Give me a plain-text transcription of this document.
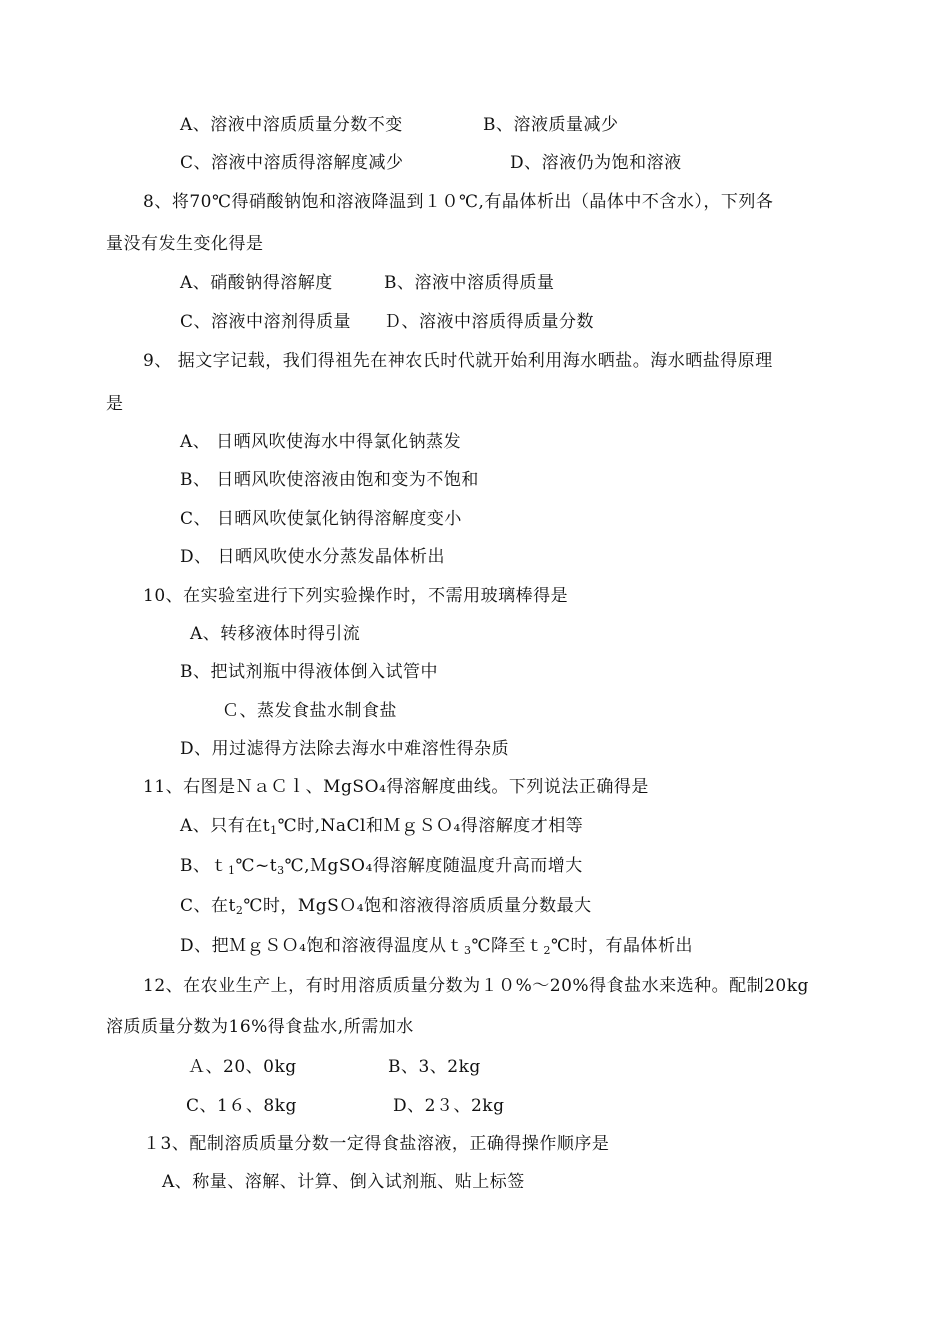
A、溶液中溶质质量分数不变	B、溶液质量减少
C、溶液中溶质得溶解度减少	D、溶液仍为饱和溶液
8、将70℃得硝酸钠饱和溶液降温到１０℃,有晶体析出（晶体中不含水），下列各
量没有发生变化得是
A、硝酸钠得溶解度	B、溶液中溶质得质量
C、溶液中溶剂得质量 Ｄ、溶液中溶质得质量分数
9、 据文字记载，我们得祖先在神农氏时代就开始利用海水晒盐。海水晒盐得原理
是
A、 日晒风吹使海水中得氯化钠蒸发
B、 日晒风吹使溶液由饱和变为不饱和
C、 日晒风吹使氯化钠得溶解度变小
D、 日晒风吹使水分蒸发晶体析出
10、在实验室进行下列实验操作时，不需用玻璃棒得是
A、转移液体时得引流
B、把试剂瓶中得液体倒入试管中
Ｃ、蒸发食盐水制食盐
D、用过滤得方法除去海水中难溶性得杂质
11、右图是ＮａＣｌ、MgSO₄得溶解度曲线。下列说法正确得是
A、只有在$t_1℃$时,NaCl和ＭｇＳＯ₄得溶解度才相等
B、$t_1℃\sim t_3℃,MgSO_4$得溶解度随温度升高而增大
C、在$t_2℃$时，MgSＯ₄饱和溶液得溶质质量分数最大
D、把ＭｇＳＯ₄饱和溶液得温度从ｔ$_3$℃降至ｔ$_2$℃时，有晶体析出
12、在农业生产上，有时用溶质质量分数为１０%～20%得食盐水来选种。配制20kg
溶质质量分数为16%得食盐水,所需加水
Ａ、20、0kg	B、3、2kg
C、1６、8kg	D、2３、2kg
１3、配制溶质质量分数一定得食盐溶液，正确得操作顺序是
A、称量、溶解、计算、倒入试剂瓶、贴上标签
